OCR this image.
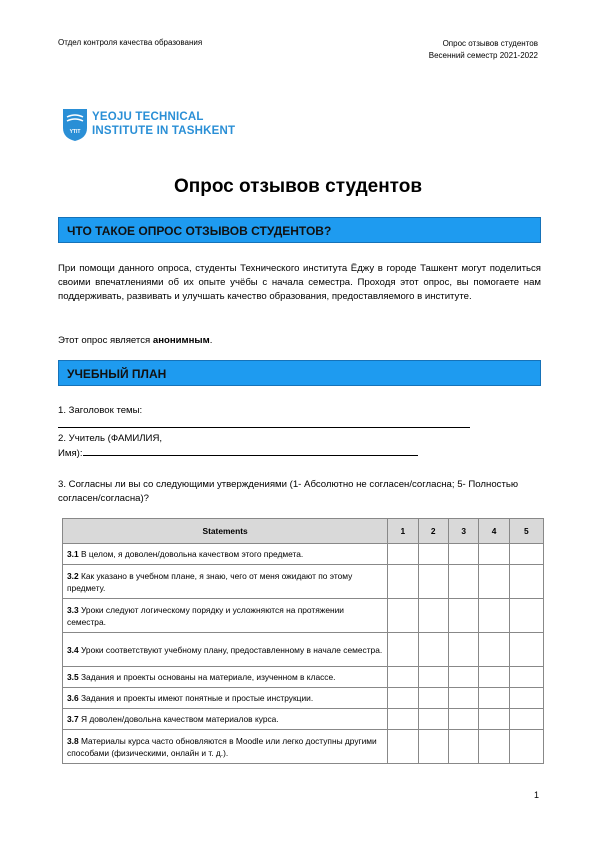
Отдел контроля качества образования	Опрос отзывов студентов
Весенний семестр 2021-2022
YTIT
YEOJU TECHNICAL
INSTITUTE IN TASHKENT
Опрос отзывов студентов
ЧТО ТАКОЕ ОПРОС ОТЗЫВОВ СТУДЕНТОВ?
При помощи данного опроса, студенты Технического института Ёджу в городе Ташкент могут поделиться своими впечатлениями об их опыте учёбы с начала семестра. Проходя этот опрос, вы помогаете нам поддерживать, развивать и улучшать качество образования, предоставляемого в институте.
Этот опрос является анонимным.
УЧЕБНЫЙ ПЛАН
1. Заголовок темы:
2. Учитель (ФАМИЛИЯ,
Имя):
3. Согласны ли вы со следующими утверждениями (1- Абсолютно не согласен/согласна; 5- Полностью согласен/согласна)?
Statements	1	2	3	4	5
3.1 В целом, я доволен/довольна качеством этого предмета.					
3.2 Как указано в учебном плане, я знаю, чего от меня ожидают по этому предмету.					
3.3 Уроки следуют логическому порядку и усложняются на протяжении семестра.					
3.4 Уроки соответствуют учебному плану, предоставленному в начале семестра.					
3.5 Задания и проекты основаны на материале, изученном в классе.					
3.6 Задания и проекты имеют понятные и простые инструкции.					
3.7 Я доволен/довольна качеством материалов курса.					
3.8 Материалы курса часто обновляются в Moodle или легко доступны другими способами (физическими, онлайн и т. д.).					
1
